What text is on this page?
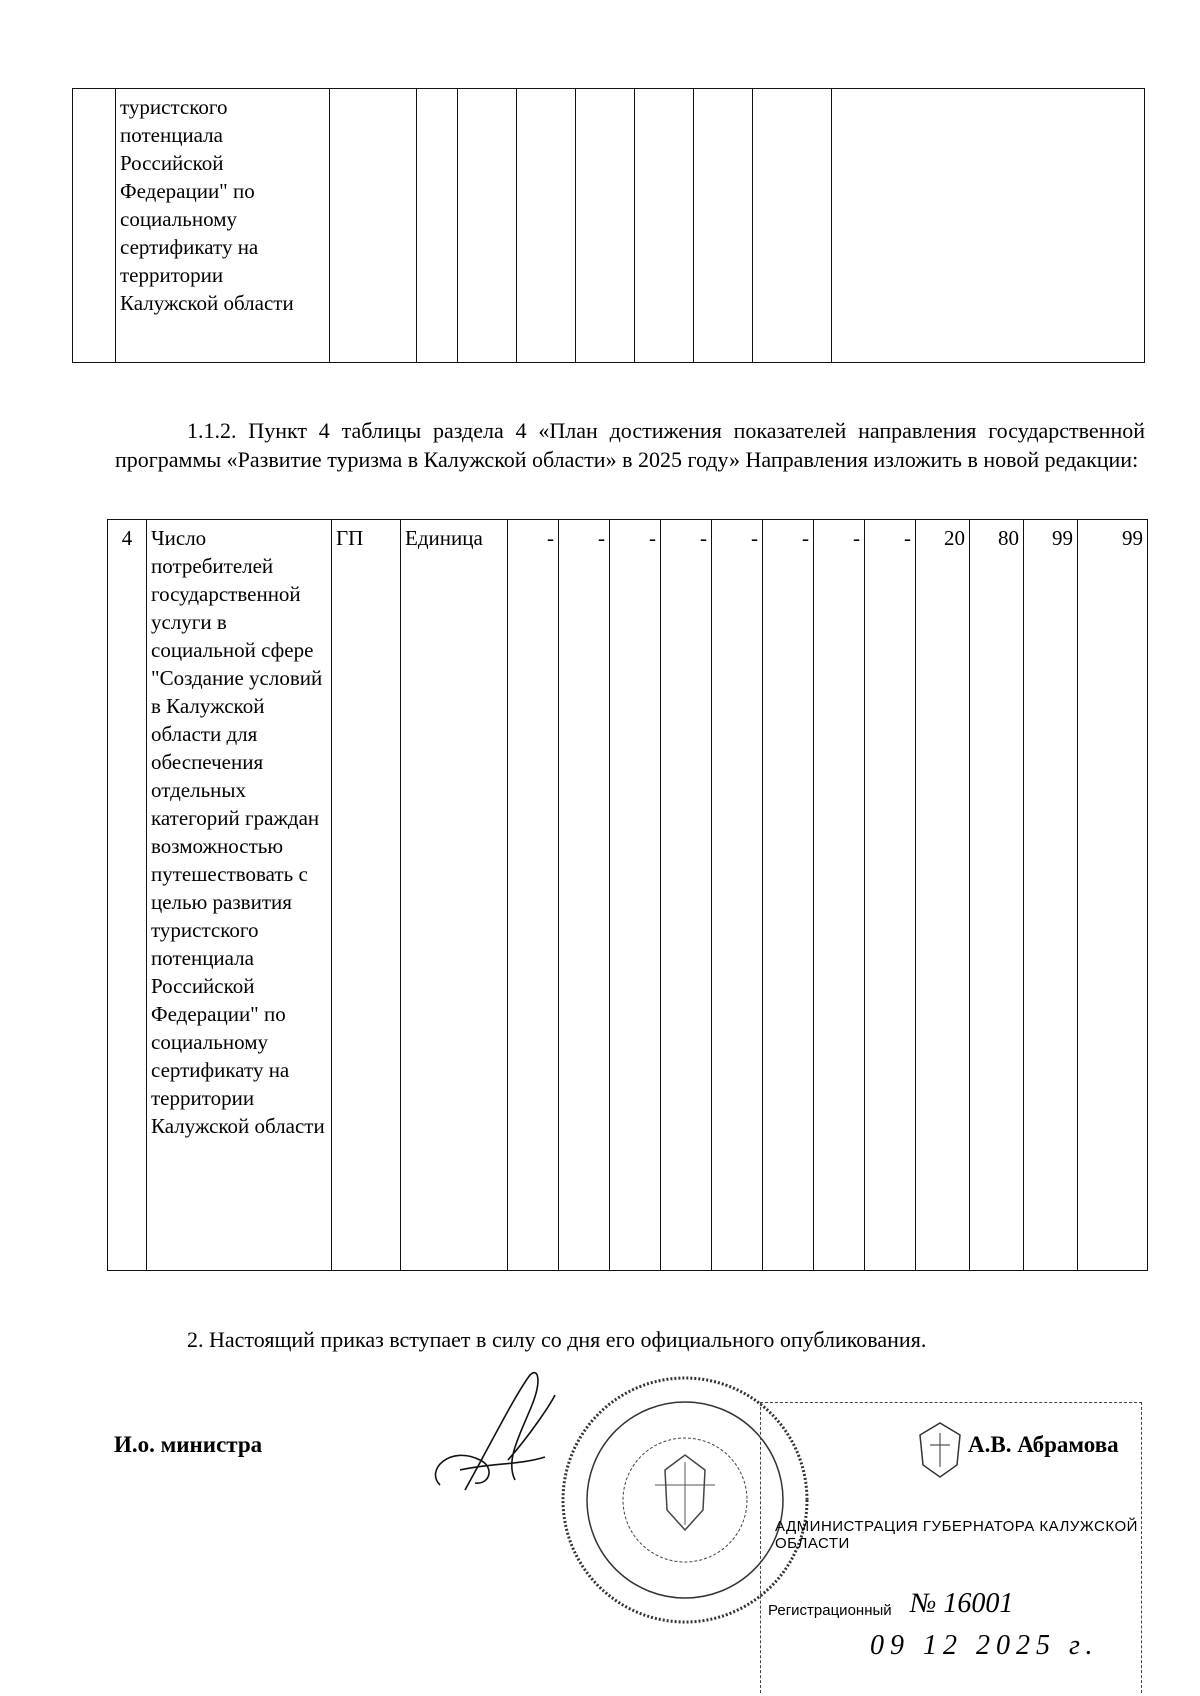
	туристского потенциала Российской Федерации" по социальному сертификату на территории Калужской области									

1.1.2. Пункт 4 таблицы раздела 4 «План достижения показателей направления государственной программы «Развитие туризма в Калужской области» в 2025 году» Направления изложить в новой редакции:

4	Число потребителей государственной услуги в социальной сфере "Создание условий в Калужской области для обеспечения отдельных категорий граждан возможностью путешествовать с целью развития туристского потенциала Российской Федерации" по социальному сертификату на территории Калужской области	ГП	Единица	-	-	-	-	-	-	-	-	20	80	99	99

2. Настоящий приказ вступает в силу со дня его официального опубликования.

И.о. министра	А.В. Абрамова
АДМИНИСТРАЦИЯ ГУБЕРНАТОРА КАЛУЖСКОЙ ОБЛАСТИ
Регистрационный № 16001
09 12 2025 г.
